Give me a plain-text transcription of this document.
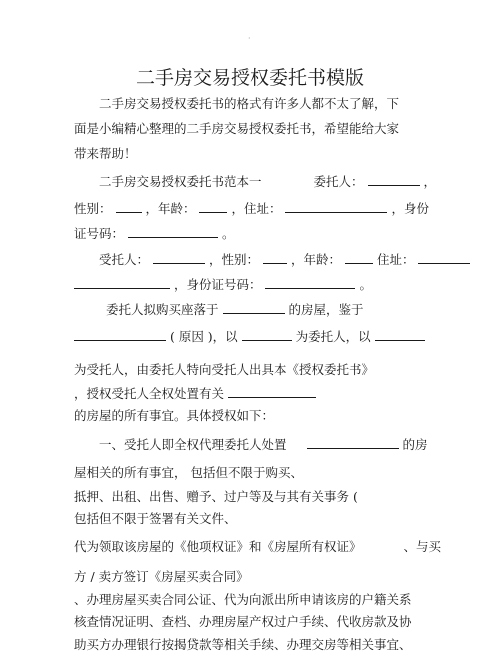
·
二手房交易授权委托书模版
二手房交易授权委托书的格式有许多人都不太了解，下
面是小编精心整理的二手房交易授权委托书，希望能给大家
带来帮助！
二手房交易授权委托书范本一	委托人：	，
性别：	，年龄：	，住址：	，身份
证号码：	。
受托人：	，性别：	，年龄：	住址：
，身份证号码：	。
委托人拟购买座落于	的房屋，鉴于
( 原因 )，以	为委托人，以
为受托人，由委托人特向受托人出具本《授权委托书》
，授权受托人全权处置有关
的房屋的所有事宜。具体授权如下：
一、受托人即全权代理委托人处置	的房
屋相关的所有事宜， 包括但不限于购买、
抵押、出租、出售、赠予、过户等及与其有关事务 (
包括但不限于签署有关文件、
代为领取该房屋的《他项权证》和《房屋所有权证》	、与买
方 / 卖方签订《房屋买卖合同》
、办理房屋买卖合同公证、代为向派出所申请该房的户籍关系
核查情况证明、查档、办理房屋产权过户手续、代收房款及协
助买方办理银行按揭贷款等相关手续、办理交房等相关事宜、
